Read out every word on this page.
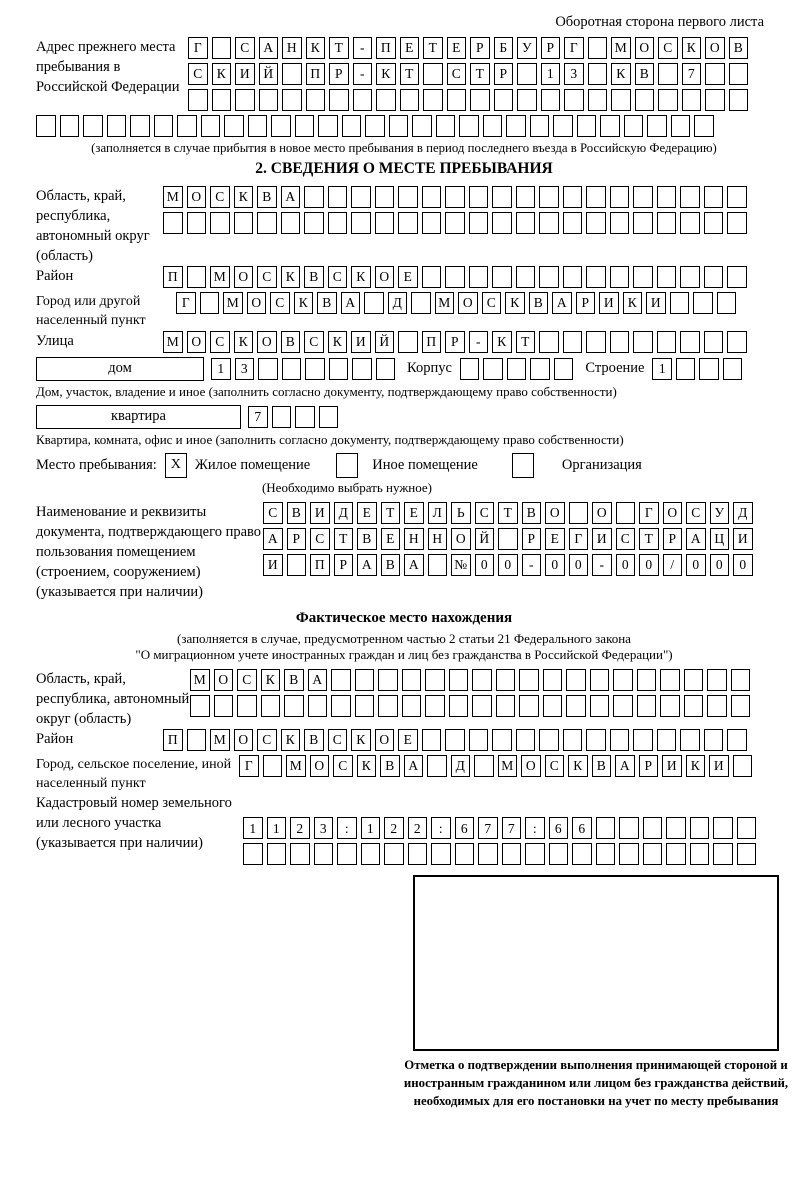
Оборотная сторона первого листа
Адрес прежнего места пребывания в Российской Федерации
Г	С	А	Н	К	Т	-	П	Е	Т	Е	Р	Б	У	Р	Г	М О	С	К	О	В
С	К	И	Й	П	Р	-	К	Т	С	Т	Р	1	3	К	В	7
(заполняется в случае прибытия в новое место пребывания в период последнего въезда в Российскую Федерацию)
2. СВЕДЕНИЯ О МЕСТЕ ПРЕБЫВАНИЯ
Область, край, республика, автономный округ (область)
М О	С	К	В	А
Район	П	М О	С	К	В	С	К	О	Е
Город или другой населенный пункт
Г	М О	С	К	В	А	Д	М О	С	К	В	А	Р	И	К	И
Улица	М О	С	К	О	В	С	К	И	Й	П	Р	-	К	Т
дом	1	3	Корпус	Строение	1
Дом, участок, владение и иное (заполнить согласно документу, подтверждающему право собственности)
квартира	7
Квартира, комната, офис и иное (заполнить согласно документу, подтверждающему право собственности)
Место пребывания: X Жилое помещение	Иное помещение	Организация
(Необходимо выбрать нужное)
Наименование и реквизиты документа, подтверждающего право пользования помещением (строением, сооружением) (указывается при наличии)
С	В	И	Д	Е	Т	Е	Л	Ь	С	Т	В	О	О	Г	О	С	У	Д
А	Р	С	Т	В	Е	Н	Н	О	Й	Р	Е	Г	И	С	Т	Р	А	Ц	И
И	П	Р	А	В	А	№	0	0	-	0	0	-	0	0	/	0	0	0
Фактическое место нахождения
(заполняется в случае, предусмотренном частью 2 статьи 21 Федерального закона
"О миграционном учете иностранных граждан и лиц без гражданства в Российской Федерации")
Область, край, республика, автономный округ (область)
М О	С	К	В	А
Район	П	М О	С	К	В	С	К	О	Е
Город, сельское поселение, иной населенный пункт
Г	М О	С	К	В	А	Д	М О	С	К	В	А	Р	И	К	И
Кадастровый номер земельного или лесного участка (указывается при наличии)
1	1	2	3	:	1	2	2	:	6	7	7	:	6	6
Отметка о подтверждении выполнения принимающей стороной и иностранным гражданином или лицом без гражданства действий, необходимых для его постановки на учет по месту пребывания
